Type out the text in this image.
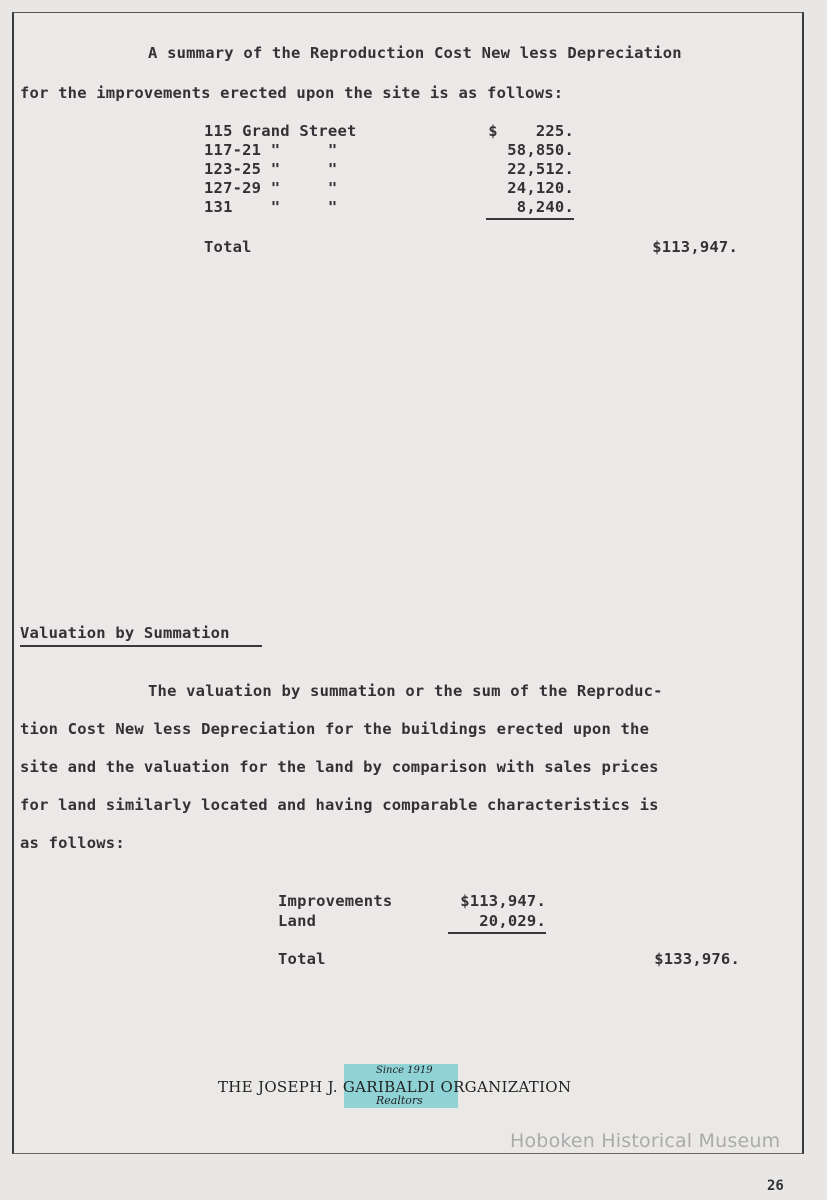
A summary of the Reproduction Cost New less Depreciation
for the improvements erected upon the site is as follows:
115 Grand Street	$    225.
117-21 "     "	58,850.
123-25 "     "	22,512.
127-29 "     "	24,120.
131    "     "	8,240.
Total	$113,947.
Valuation by Summation
The valuation by summation or the sum of the Reproduc-
tion Cost New less Depreciation for the buildings erected upon the
site and the valuation for the land by comparison with sales prices
for land similarly located and having comparable characteristics is
as follows:
Improvements	$113,947.
Land	20,029.
Total	$133,976.
Since 1919
Realtors
THE JOSEPH J. GARIBALDI ORGANIZATION
Hoboken Historical Museum
26
